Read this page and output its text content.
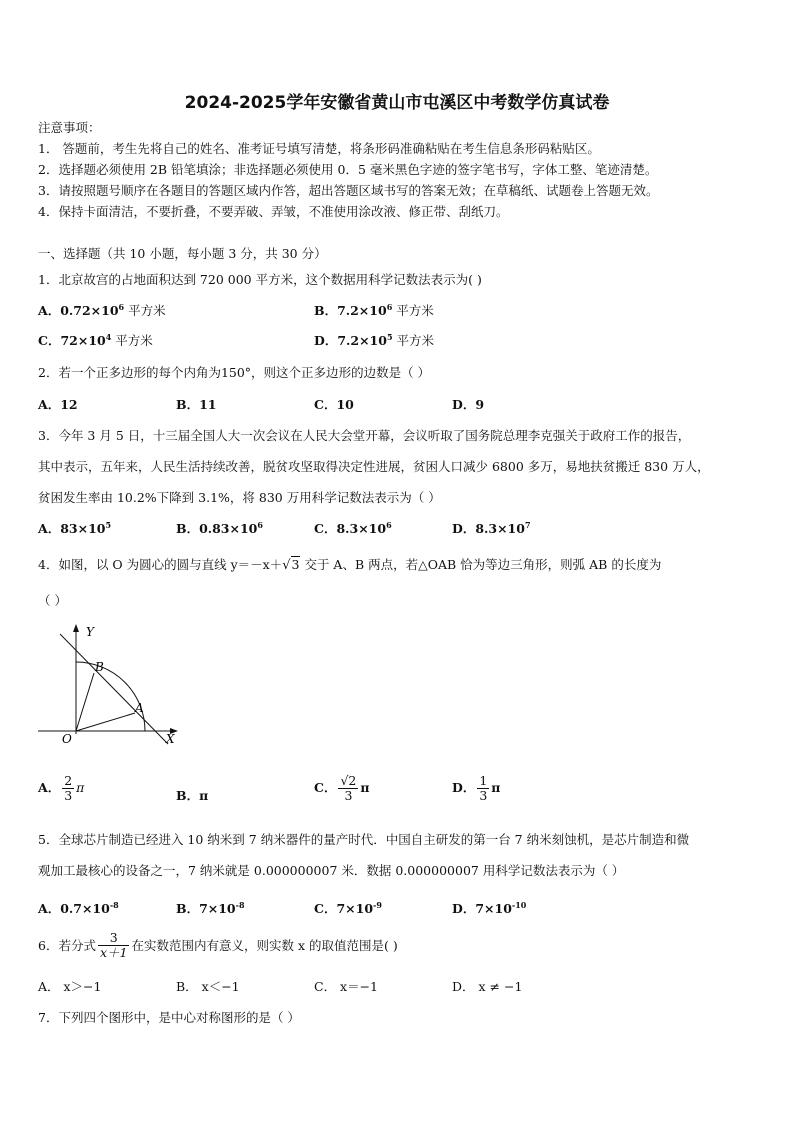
2024-2025学年安徽省黄山市屯溪区中考数学仿真试卷
注意事项：
1． 答题前，考生先将自己的姓名、准考证号填写清楚，将条形码准确粘贴在考生信息条形码粘贴区。
2．选择题必须使用 2B 铅笔填涂；非选择题必须使用 0．5 毫米黑色字迹的签字笔书写，字体工整、笔迹清楚。
3．请按照题号顺序在各题目的答题区域内作答，超出答题区域书写的答案无效；在草稿纸、试题卷上答题无效。
4．保持卡面清洁，不要折叠，不要弄破、弄皱，不准使用涂改液、修正带、刮纸刀。
一、选择题（共 10 小题，每小题 3 分，共 30 分）
1．北京故宫的占地面积达到 720 000 平方米，这个数据用科学记数法表示为( )
A．$0.72\times 10^6$ 平方米	B．$7.2\times 10^6$ 平方米
C．$72\times 10^4$ 平方米	D．$7.2\times 10^5$ 平方米
2．若一个正多边形的每个内角为150°，则这个正多边形的边数是（ ）
A．12	B．11	C．10	D．9
3．今年 3 月 5 日，十三届全国人大一次会议在人民大会堂开幕，会议听取了国务院总理李克强关于政府工作的报告，
其中表示，五年来，人民生活持续改善，脱贫攻坚取得决定性进展，贫困人口减少 6800 多万，易地扶贫搬迁 830 万人，
贫困发生率由 10.2%下降到 3.1%，将 830 万用科学记数法表示为（ ）
A．$83\times 10^5$	B．$0.83\times 10^6$	C．$8.3\times 10^6$	D．$8.3\times 10^7$
4．如图，以 O 为圆心的圆与直线 y＝－x＋√3 交于 A、B 两点，若△OAB 恰为等边三角形，则弧 AB 的长度为
（ ）
Y
X
O
A
B
A． $\frac{2}{3}$ π
B．π
C． $\frac{√2}{3}$ π	D． $\frac{1}{3}$ π
5．全球芯片制造已经进入 10 纳米到 7 纳米器件的量产时代．中国自主研发的第一台 7 纳米刻蚀机，是芯片制造和微
观加工最核心的设备之一，7 纳米就是 0.000000007 米．数据 0.000000007 用科学记数法表示为（ ）
A．$0.7\times 10^{-8}$	B．$7\times 10^{-8}$	C．$7\times 10^{-9}$	D．$7\times 10^{-10}$
6．若分式 $\frac{3}{x+1}$ 在实数范围内有意义，则实数 x 的取值范围是( )
A． x＞−1	B． x＜−1	C． x＝−1	D． x ≠ −1
7．下列四个图形中，是中心对称图形的是（ ）
